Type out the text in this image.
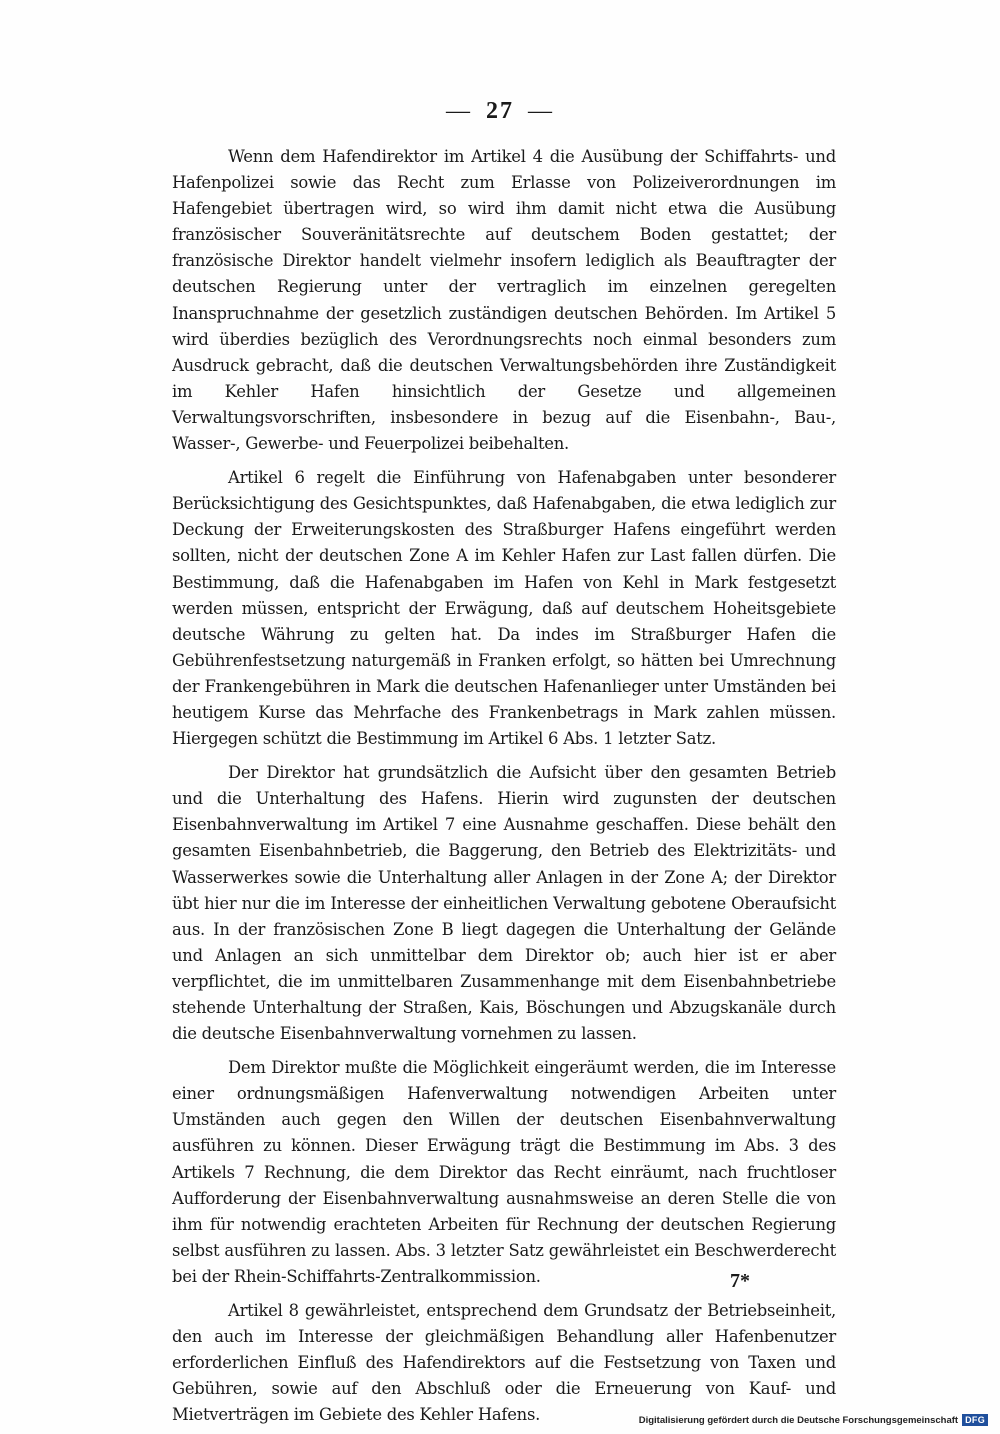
— 27 —

Wenn dem Hafendirektor im Artikel 4 die Ausübung der Schiffahrts- und Hafenpolizei sowie das Recht zum Erlasse von Polizeiverordnungen im Hafengebiet übertragen wird, so wird ihm damit nicht etwa die Ausübung französischer Souveränitätsrechte auf deutschem Boden gestattet; der französische Direktor handelt vielmehr insofern lediglich als Beauftragter der deutschen Regierung unter der vertraglich im einzelnen geregelten Inanspruchnahme der gesetzlich zuständigen deutschen Behörden. Im Artikel 5 wird überdies bezüglich des Verordnungsrechts noch einmal besonders zum Ausdruck gebracht, daß die deutschen Verwaltungsbehörden ihre Zuständigkeit im Kehler Hafen hinsichtlich der Gesetze und allgemeinen Verwaltungsvorschriften, insbesondere in bezug auf die Eisenbahn-, Bau-, Wasser-, Gewerbe- und Feuerpolizei beibehalten.

Artikel 6 regelt die Einführung von Hafenabgaben unter besonderer Berücksichtigung des Gesichtspunktes, daß Hafenabgaben, die etwa lediglich zur Deckung der Erweiterungskosten des Straßburger Hafens eingeführt werden sollten, nicht der deutschen Zone A im Kehler Hafen zur Last fallen dürfen. Die Bestimmung, daß die Hafenabgaben im Hafen von Kehl in Mark festgesetzt werden müssen, entspricht der Erwägung, daß auf deutschem Hoheitsgebiete deutsche Währung zu gelten hat. Da indes im Straßburger Hafen die Gebührenfestsetzung naturgemäß in Franken erfolgt, so hätten bei Umrechnung der Frankengebühren in Mark die deutschen Hafenanlieger unter Umständen bei heutigem Kurse das Mehrfache des Frankenbetrags in Mark zahlen müssen. Hiergegen schützt die Bestimmung im Artikel 6 Abs. 1 letzter Satz.

Der Direktor hat grundsätzlich die Aufsicht über den gesamten Betrieb und die Unterhaltung des Hafens. Hierin wird zugunsten der deutschen Eisenbahnverwaltung im Artikel 7 eine Ausnahme geschaffen. Diese behält den gesamten Eisenbahnbetrieb, die Baggerung, den Betrieb des Elektrizitäts- und Wasserwerkes sowie die Unterhaltung aller Anlagen in der Zone A; der Direktor übt hier nur die im Interesse der einheitlichen Verwaltung gebotene Oberaufsicht aus. In der französischen Zone B liegt dagegen die Unterhaltung der Gelände und Anlagen an sich unmittelbar dem Direktor ob; auch hier ist er aber verpflichtet, die im unmittelbaren Zusammenhange mit dem Eisenbahnbetriebe stehende Unterhaltung der Straßen, Kais, Böschungen und Abzugskanäle durch die deutsche Eisenbahnverwaltung vornehmen zu lassen.

Dem Direktor mußte die Möglichkeit eingeräumt werden, die im Interesse einer ordnungsmäßigen Hafenverwaltung notwendigen Arbeiten unter Umständen auch gegen den Willen der deutschen Eisenbahnverwaltung ausführen zu können. Dieser Erwägung trägt die Bestimmung im Abs. 3 des Artikels 7 Rechnung, die dem Direktor das Recht einräumt, nach fruchtloser Aufforderung der Eisenbahnverwaltung ausnahmsweise an deren Stelle die von ihm für notwendig erachteten Arbeiten für Rechnung der deutschen Regierung selbst ausführen zu lassen. Abs. 3 letzter Satz gewährleistet ein Beschwerderecht bei der Rhein-Schiffahrts-Zentralkommission.

Artikel 8 gewährleistet, entsprechend dem Grundsatz der Betriebseinheit, den auch im Interesse der gleichmäßigen Behandlung aller Hafenbenutzer erforderlichen Einfluß des Hafendirektors auf die Festsetzung von Taxen und Gebühren, sowie auf den Abschluß oder die Erneuerung von Kauf- und Mietverträgen im Gebiete des Kehler Hafens.

7*
Digitalisierung gefördert durch die Deutsche Forschungsgemeinschaft DFG
